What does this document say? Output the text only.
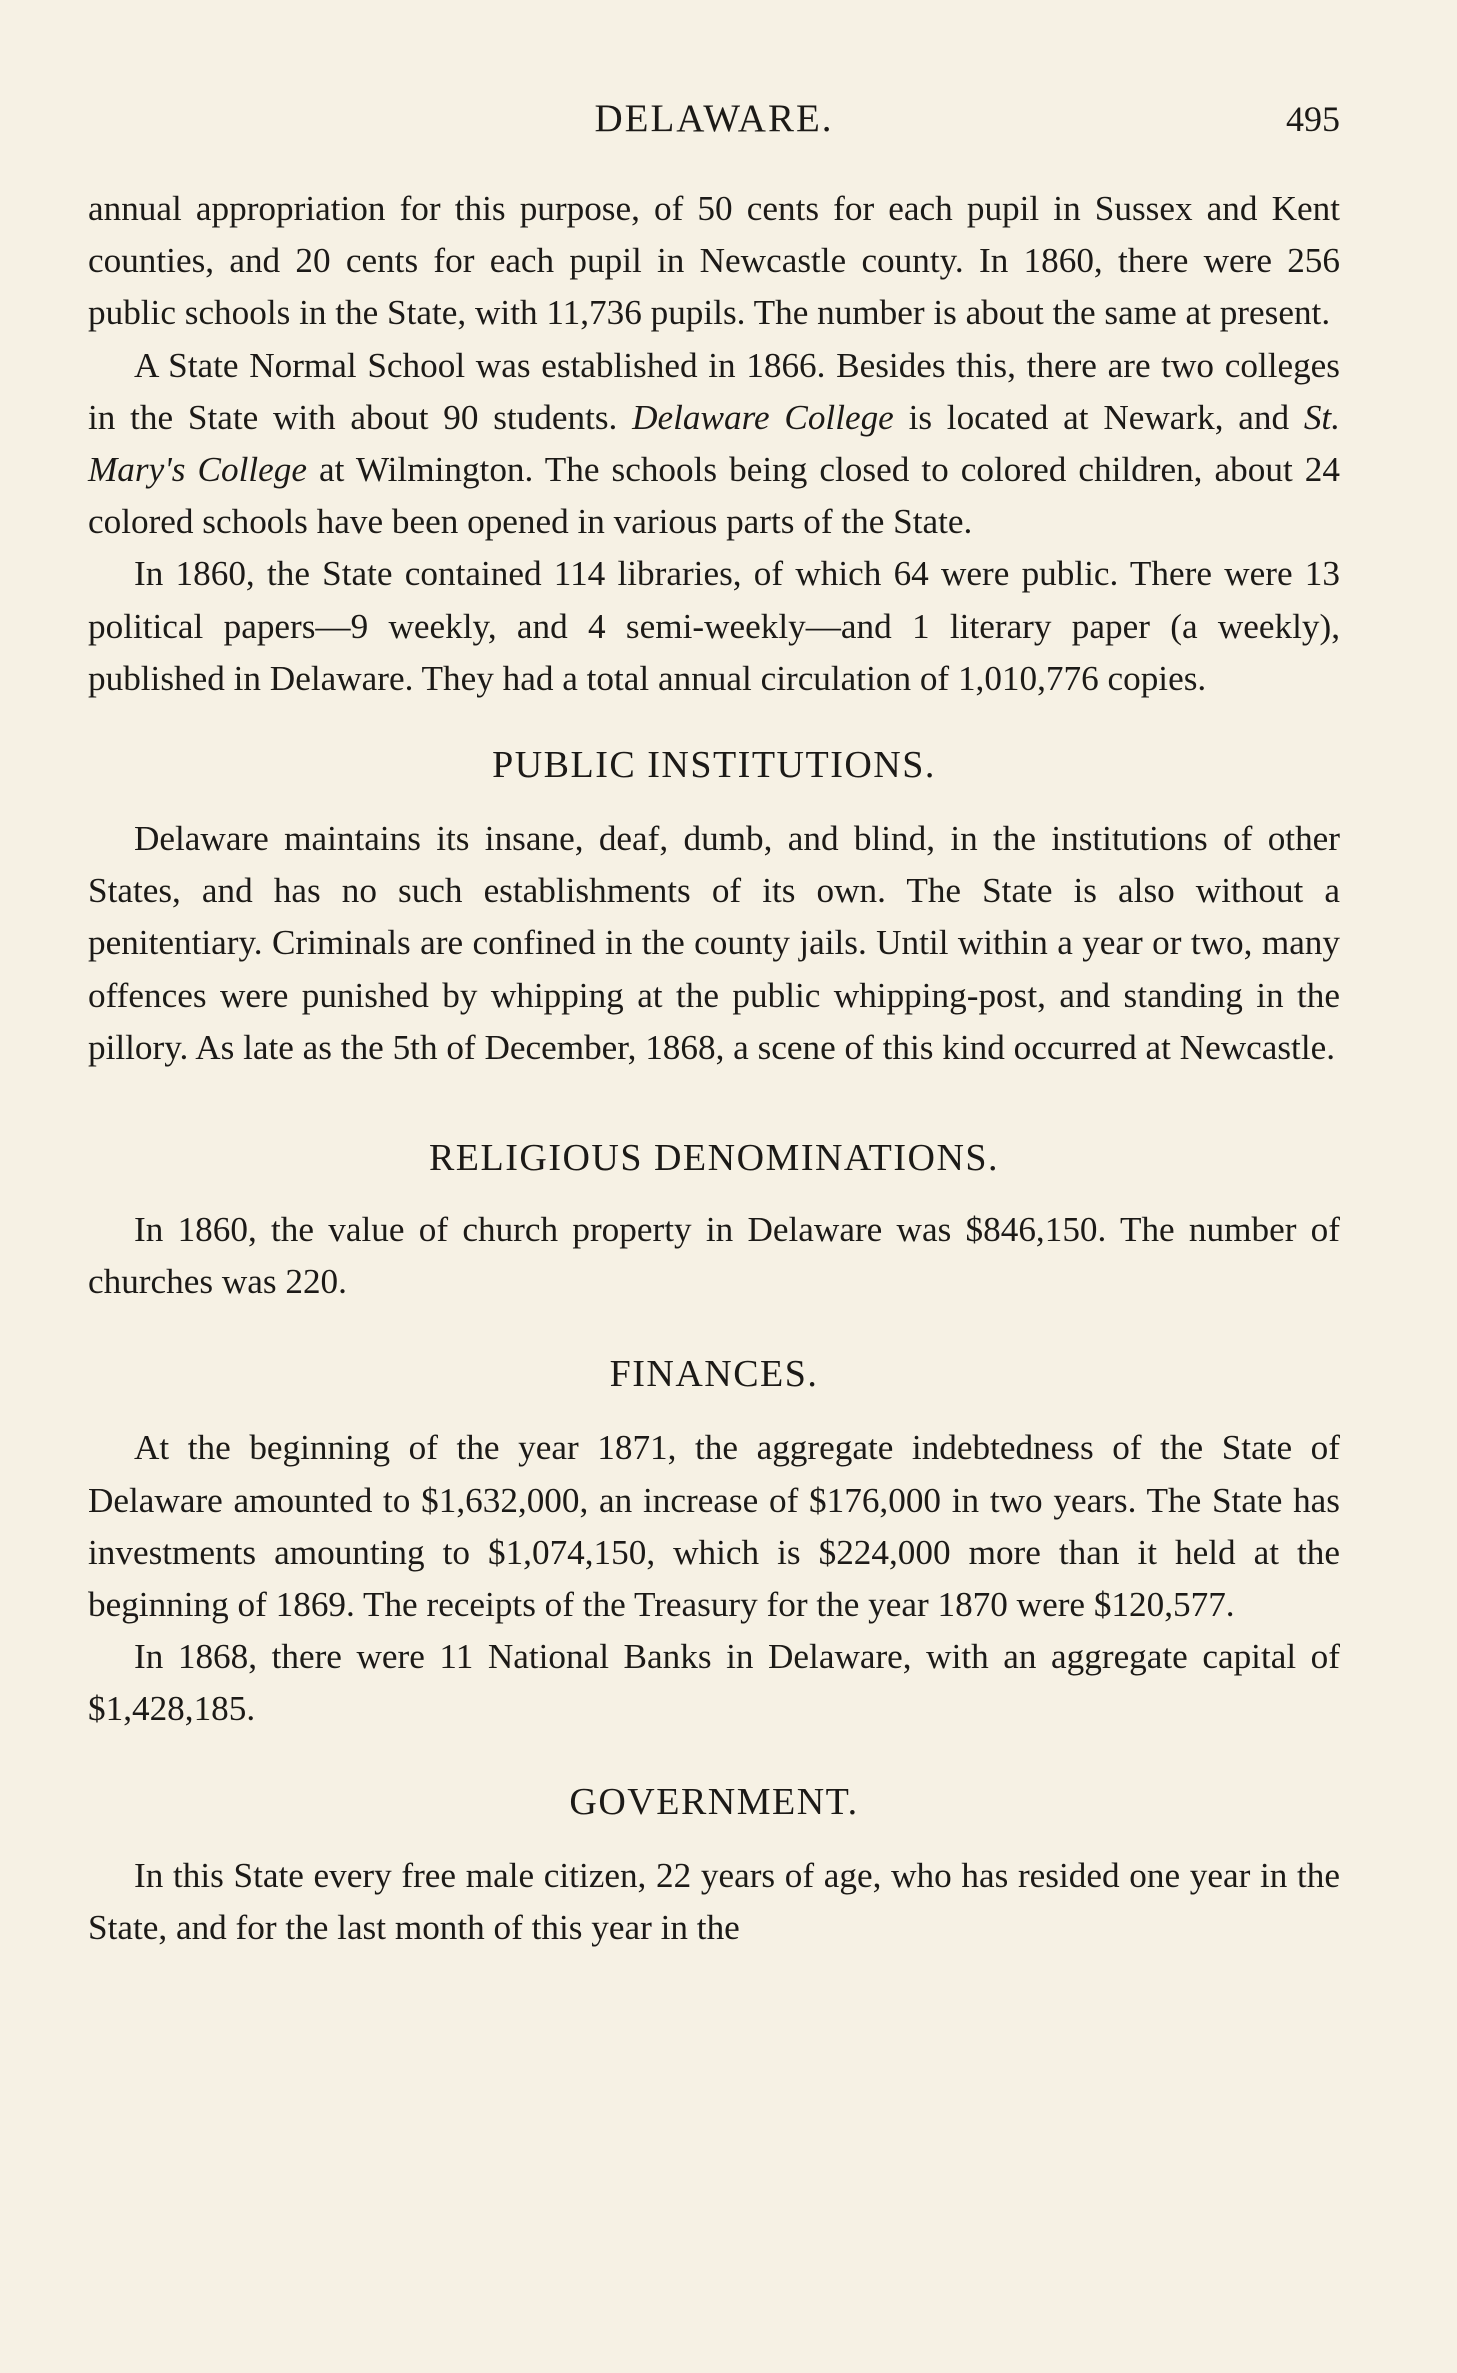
DELAWARE.	495

annual appropriation for this purpose, of 50 cents for each pupil in Sussex and Kent counties, and 20 cents for each pupil in Newcastle county. In 1860, there were 256 public schools in the State, with 11,736 pupils. The number is about the same at present.

A State Normal School was established in 1866. Besides this, there are two colleges in the State with about 90 students. Delaware College is located at Newark, and St. Mary's College at Wilmington. The schools being closed to colored children, about 24 colored schools have been opened in various parts of the State.

In 1860, the State contained 114 libraries, of which 64 were public. There were 13 political papers—9 weekly, and 4 semi-weekly—and 1 literary paper (a weekly), published in Delaware. They had a total annual circulation of 1,010,776 copies.

PUBLIC INSTITUTIONS.

Delaware maintains its insane, deaf, dumb, and blind, in the institutions of other States, and has no such establishments of its own. The State is also without a penitentiary. Criminals are confined in the county jails. Until within a year or two, many offences were punished by whipping at the public whipping-post, and standing in the pillory. As late as the 5th of December, 1868, a scene of this kind occurred at Newcastle.

RELIGIOUS DENOMINATIONS.

In 1860, the value of church property in Delaware was $846,150. The number of churches was 220.

FINANCES.

At the beginning of the year 1871, the aggregate indebtedness of the State of Delaware amounted to $1,632,000, an increase of $176,000 in two years. The State has investments amounting to $1,074,150, which is $224,000 more than it held at the beginning of 1869. The receipts of the Treasury for the year 1870 were $120,577.

In 1868, there were 11 National Banks in Delaware, with an aggregate capital of $1,428,185.

GOVERNMENT.

In this State every free male citizen, 22 years of age, who has resided one year in the State, and for the last month of this year in the
